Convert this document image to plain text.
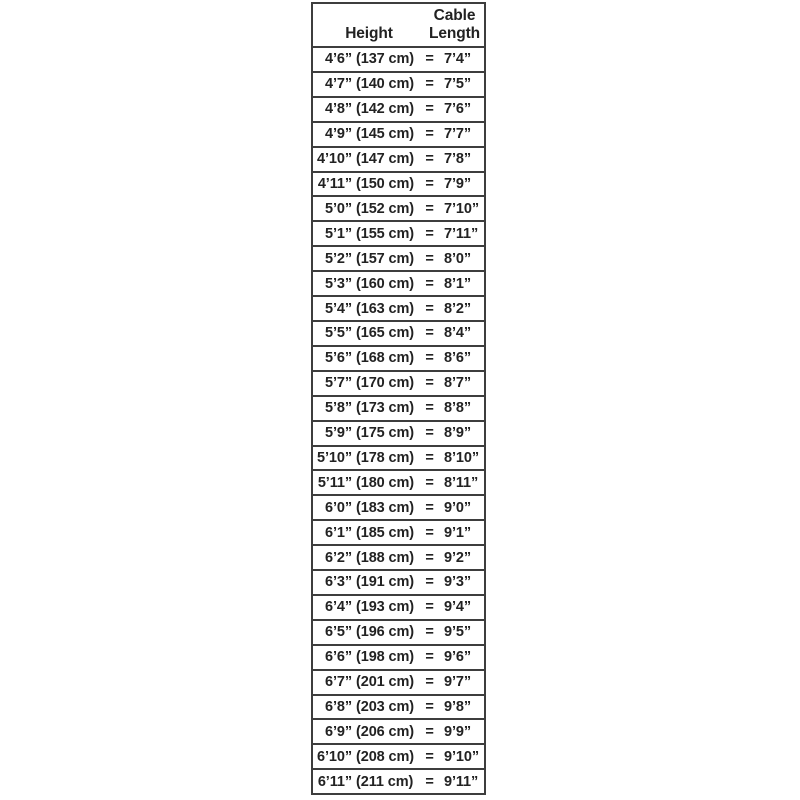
Height
Cable
Length
4’6” (137 cm) = 7’4”
4’7” (140 cm) = 7’5”
4’8” (142 cm) = 7’6”
4’9” (145 cm) = 7’7”
4’10” (147 cm) = 7’8”
4’11” (150 cm) = 7’9”
5’0” (152 cm) = 7’10”
5’1” (155 cm) = 7’11”
5’2” (157 cm) = 8’0”
5’3” (160 cm) = 8’1”
5’4” (163 cm) = 8’2”
5’5” (165 cm) = 8’4”
5’6” (168 cm) = 8’6”
5’7” (170 cm) = 8’7”
5’8” (173 cm) = 8’8”
5’9” (175 cm) = 8’9”
5’10” (178 cm) = 8’10”
5’11” (180 cm) = 8’11”
6’0” (183 cm) = 9’0”
6’1” (185 cm) = 9’1”
6’2” (188 cm) = 9’2”
6’3” (191 cm) = 9’3”
6’4” (193 cm) = 9’4”
6’5” (196 cm) = 9’5”
6’6” (198 cm) = 9’6”
6’7” (201 cm) = 9’7”
6’8” (203 cm) = 9’8”
6’9” (206 cm) = 9’9”
6’10” (208 cm) = 9’10”
6’11” (211 cm) = 9’11”
